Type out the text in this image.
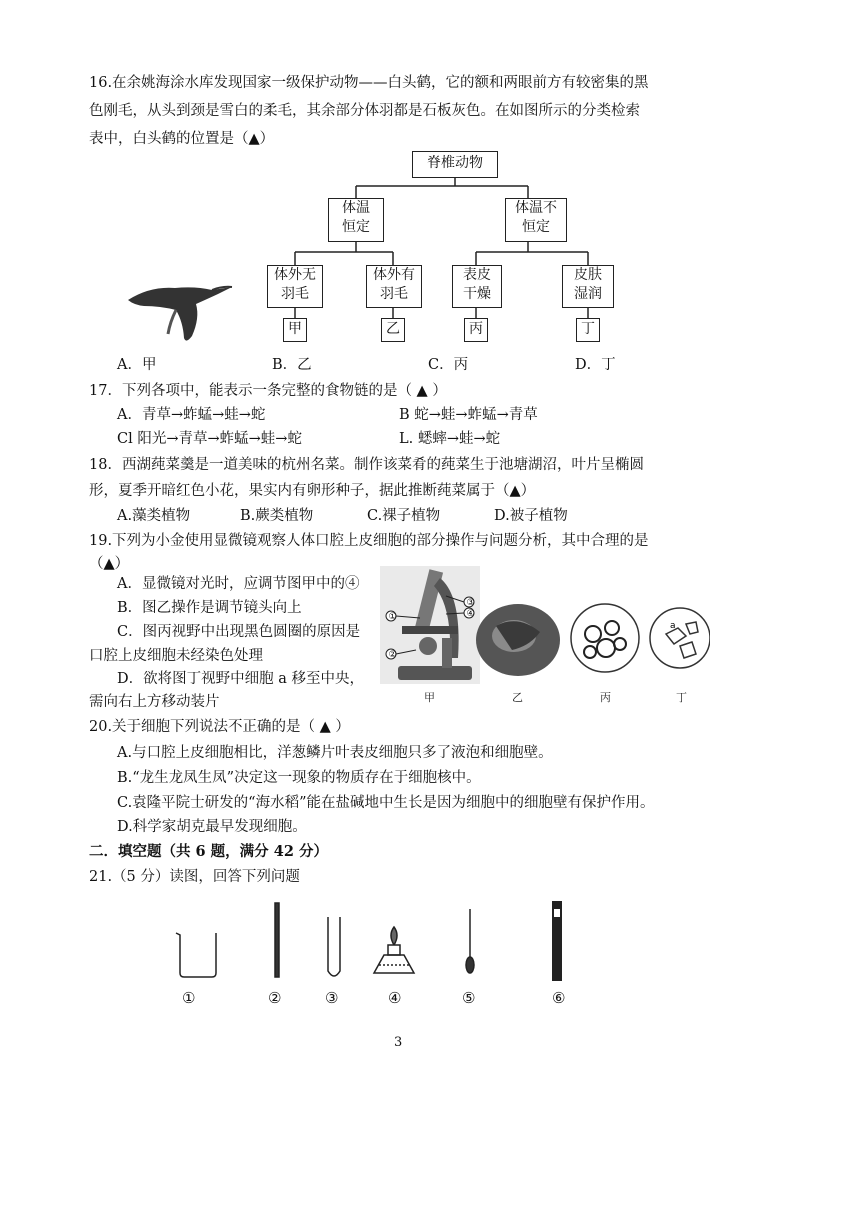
16.在余姚海涂水库发现国家一级保护动物——白头鹤，它的额和两眼前方有较密集的黑
色刚毛，从头到颈是雪白的柔毛，其余部分体羽都是石板灰色。在如图所示的分类检索
表中，白头鹤的位置是（▲）
脊椎动物
体温
恒定
体温不
恒定
体外无
羽毛
体外有
羽毛
表皮
干燥
皮肤
湿润
甲	乙	丙	丁
A．甲	B．乙	C．丙	D．丁
17．下列各项中，能表示一条完整的食物链的是（ ▲ ）
A．青草→蚱蜢→蛙→蛇	B 蛇→蛙→蚱蜢→青草
Cl 阳光→青草→蚱蜢→蛙→蛇	L. 蟋蟀→蛙→蛇
18．西湖莼菜羹是一道美味的杭州名菜。制作该菜肴的莼菜生于池塘湖沼，叶片呈椭圆
形，夏季开暗红色小花，果实内有卵形种子，据此推断莼菜属于（▲）
A.藻类植物	B.蕨类植物	C.裸子植物	D.被子植物
19.下列为小金使用显微镜观察人体口腔上皮细胞的部分操作与问题分析，其中合理的是
（▲）
A．显微镜对光时，应调节图甲中的④
B．图乙操作是调节镜头向上
C．图丙视野中出现黑色圆圈的原因是
口腔上皮细胞未经染色处理
D．欲将图丁视野中细胞 a 移至中央，
需向右上方移动装片
①
②
③
④
a
甲	乙	丙	丁
20.关于细胞下列说法不正确的是（ ▲ ）
A.与口腔上皮细胞相比，洋葱鳞片叶表皮细胞只多了液泡和细胞壁。
B.“龙生龙凤生凤”决定这一现象的物质存在于细胞核中。
C.袁隆平院士研发的“海水稻”能在盐碱地中生长是因为细胞中的细胞壁有保护作用。
D.科学家胡克最早发现细胞。
二．填空题（共 6 题，满分 42 分）
21.（5 分）读图，回答下列问题
①	②	③	④	⑤	⑥
3
